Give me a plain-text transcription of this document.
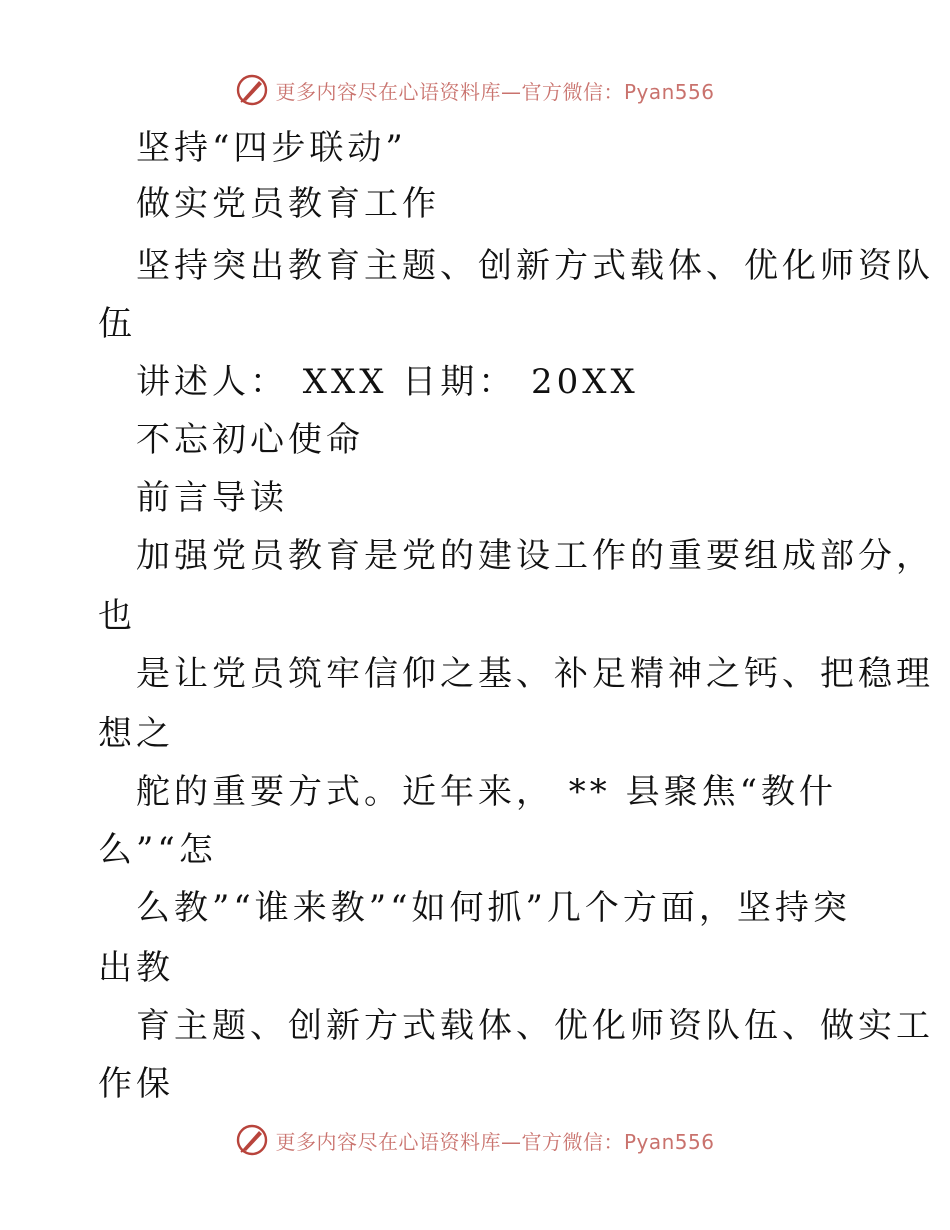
更多内容尽在心语资料库—官方微信：Pyan556
坚持“四步联动”
做实党员教育工作
坚持突出教育主题、创新方式载体、优化师资队
伍
讲述人： XXX 日期： 20XX
不忘初心使命
前言导读
加强党员教育是党的建设工作的重要组成部分，
也
是让党员筑牢信仰之基、补足精神之钙、把稳理
想之
舵的重要方式。近年来， ** 县聚焦“教什
么”“怎
么教”“谁来教”“如何抓”几个方面，坚持突
出教
育主题、创新方式载体、优化师资队伍、做实工
作保
更多内容尽在心语资料库—官方微信：Pyan556
